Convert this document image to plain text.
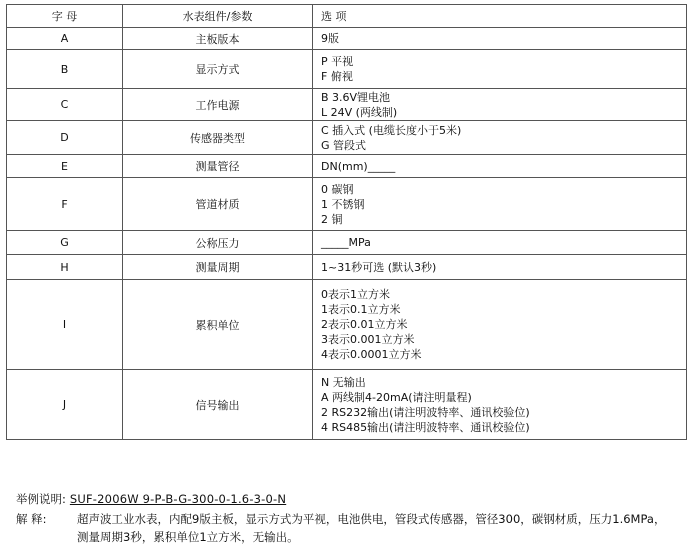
字 母	水表组件/参数	选 项
A	主板版本	9版

B	显示方式	P 平视
F 俯视

C	工作电源	B 3.6V锂电池
L 24V (两线制)

D	传感器类型	C 插入式 (电缆长度小于5米)
G 管段式

E	测量管径	DN(mm)_____

F	管道材质	0 碳钢
1 不锈钢
2 铜

G	公称压力	_____MPa

H	测量周期	1~31秒可选 (默认3秒)

I	累积单位	0表示1立方米
1表示0.1立方米
2表示0.01立方米
3表示0.001立方米
4表示0.0001立方米

J	信号输出	N 无输出
A 两线制4-20mA(请注明量程)
2 RS232输出(请注明波特率、通讯校验位)
4 RS485输出(请注明波特率、通讯校验位)
举例说明: SUF-2006W 9-P-B-G-300-0-1.6-3-0-N
解 释:	超声波工业水表，内配9版主板，显示方式为平视，电池供电，管段式传感器，管径300，碳钢材质，压力1.6MPa，测量周期3秒，累积单位1立方米，无输出。
